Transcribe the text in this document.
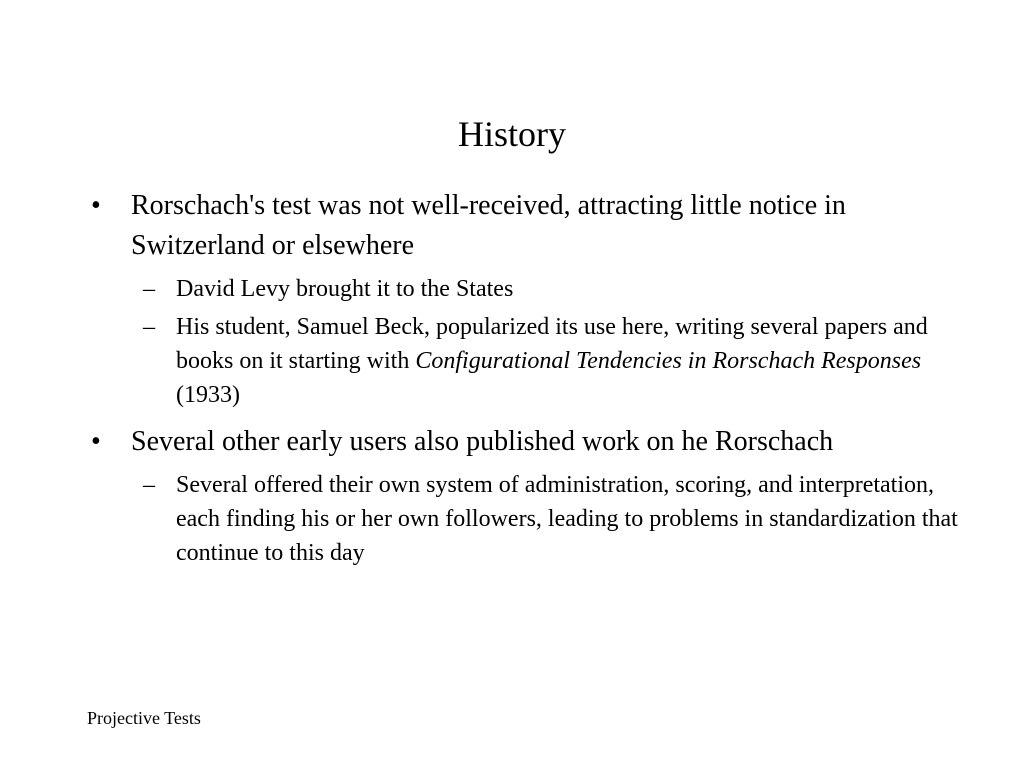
History
• Rorschach's test was not well-received, attracting little notice in Switzerland or elsewhere
– David Levy brought it to the States
– His student, Samuel Beck, popularized its use here, writing several papers and books on it starting with Configurational Tendencies in Rorschach Responses (1933)
• Several other early users also published work on he Rorschach
– Several offered their own system of administration, scoring, and interpretation, each finding his or her own followers, leading to problems in standardization that continue to this day
Projective Tests
